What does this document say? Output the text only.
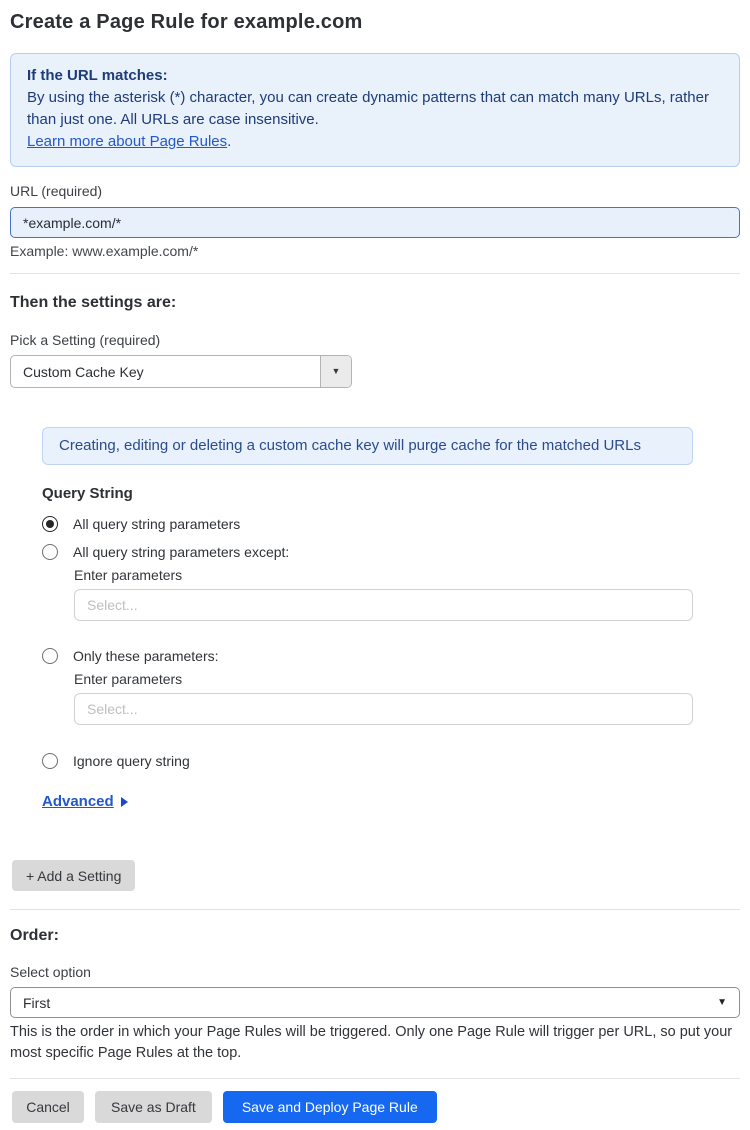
Create a Page Rule for example.com
If the URL matches:
By using the asterisk (*) character, you can create dynamic patterns that can match many URLs, rather than just one. All URLs are case insensitive.
Learn more about Page Rules.
URL (required)
*example.com/*
Example: www.example.com/*
Then the settings are:
Pick a Setting (required)
Custom Cache Key	▼
Creating, editing or deleting a custom cache key will purge cache for the matched URLs
Query String
All query string parameters
All query string parameters except:
Enter parameters
Select...
Only these parameters:
Enter parameters
Select...
Ignore query string
Advanced
+ Add a Setting
Order:
Select option
First	▼
This is the order in which your Page Rules will be triggered. Only one Page Rule will trigger per URL, so put your most specific Page Rules at the top.
Cancel	Save as Draft	Save and Deploy Page Rule
